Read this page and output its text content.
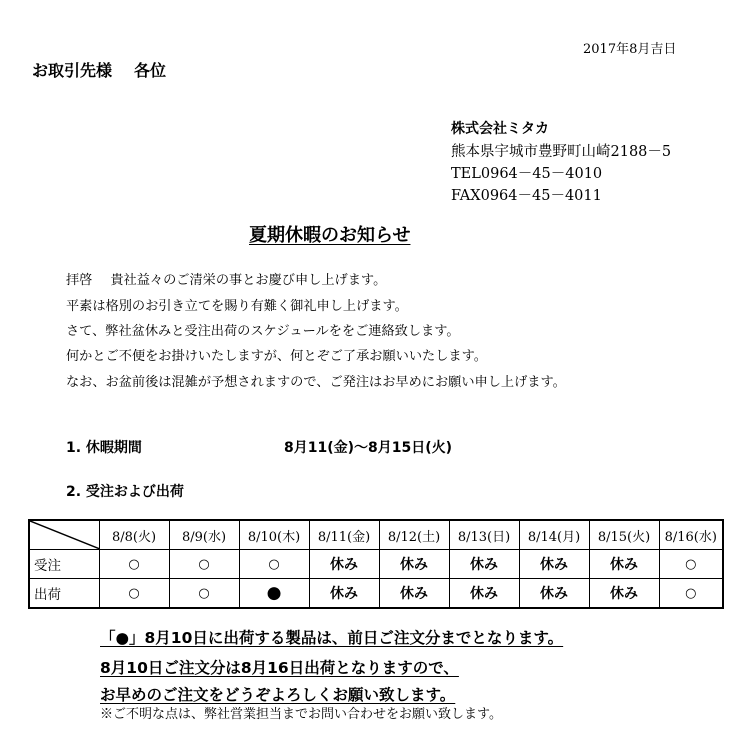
2017年8月吉日
お取引先様 各位
株式会社ミタカ
熊本県宇城市豊野町山崎2188－5
TEL0964－45－4010
FAX0964－45－4011
夏期休暇のお知らせ
拝啓 貴社益々のご清栄の事とお慶び申し上げます。
平素は格別のお引き立てを賜り有難く御礼申し上げます。
さて、弊社盆休みと受注出荷のスケジュールををご連絡致します。
何かとご不便をお掛けいたしますが、何とぞご了承お願いいたします。
なお、お盆前後は混雑が予想されますので、ご発注はお早めにお願い申し上げます。
1. 休暇期間	8月11(金)～8月15日(火)
2. 受注および出荷
	8/8(火)	8/9(水)	8/10(木)	8/11(金)	8/12(土)	8/13(日)	8/14(月)	8/15(火)	8/16(水)
受注	○	○	○	休み	休み	休み	休み	休み	○
出荷	○	○	●	休み	休み	休み	休み	休み	○
「●」8月10日に出荷する製品は、前日ご注文分までとなります。
8月10日ご注文分は8月16日出荷となりますので、
お早めのご注文をどうぞよろしくお願い致します。
※ご不明な点は、弊社営業担当までお問い合わせをお願い致します。
